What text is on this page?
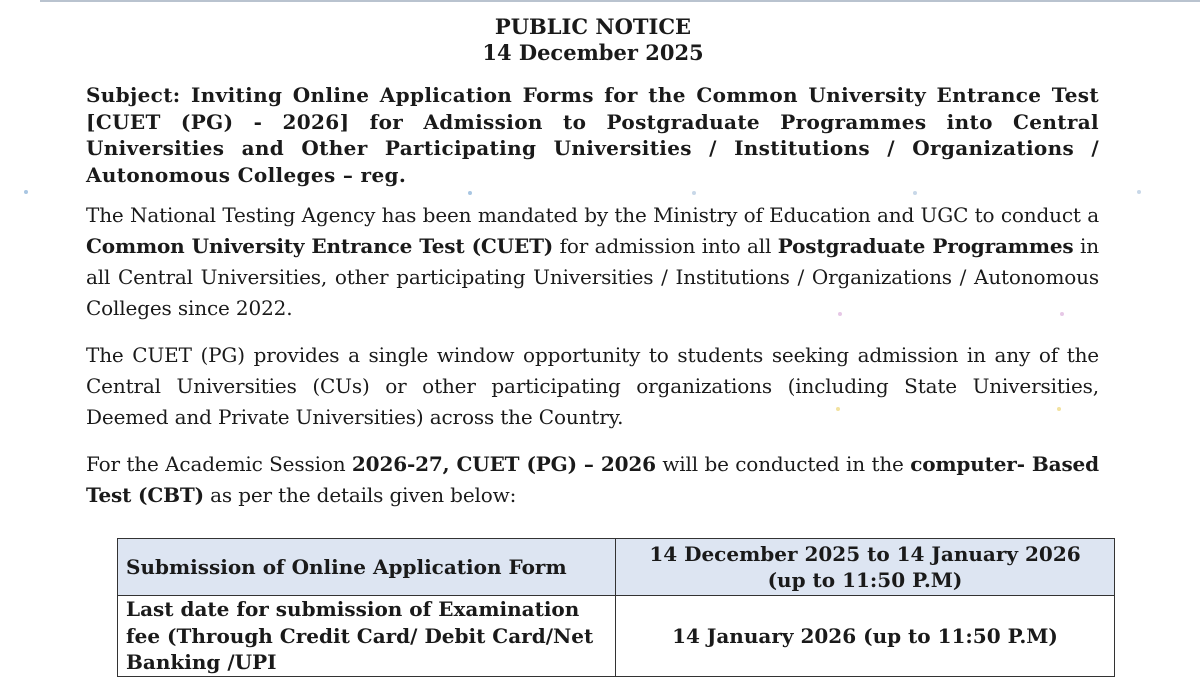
PUBLIC NOTICE
14 December 2025
Subject: Inviting Online Application Forms for the Common University Entrance Test [CUET (PG) - 2026] for Admission to Postgraduate Programmes into Central Universities and Other Participating Universities / Institutions / Organizations / Autonomous Colleges – reg.
The National Testing Agency has been mandated by the Ministry of Education and UGC to conduct a Common University Entrance Test (CUET) for admission into all Postgraduate Programmes in all Central Universities, other participating Universities / Institutions / Organizations / Autonomous Colleges since 2022.
The CUET (PG) provides a single window opportunity to students seeking admission in any of the Central Universities (CUs) or other participating organizations (including State Universities, Deemed and Private Universities) across the Country.
For the Academic Session 2026-27, CUET (PG) – 2026 will be conducted in the computer- Based Test (CBT) as per the details given below:
Submission of Online Application Form	14 December 2025 to 14 January 2026
(up to 11:50 P.M)
Last date for submission of Examination fee (Through Credit Card/ Debit Card/Net Banking /UPI	14 January 2026 (up to 11:50 P.M)
